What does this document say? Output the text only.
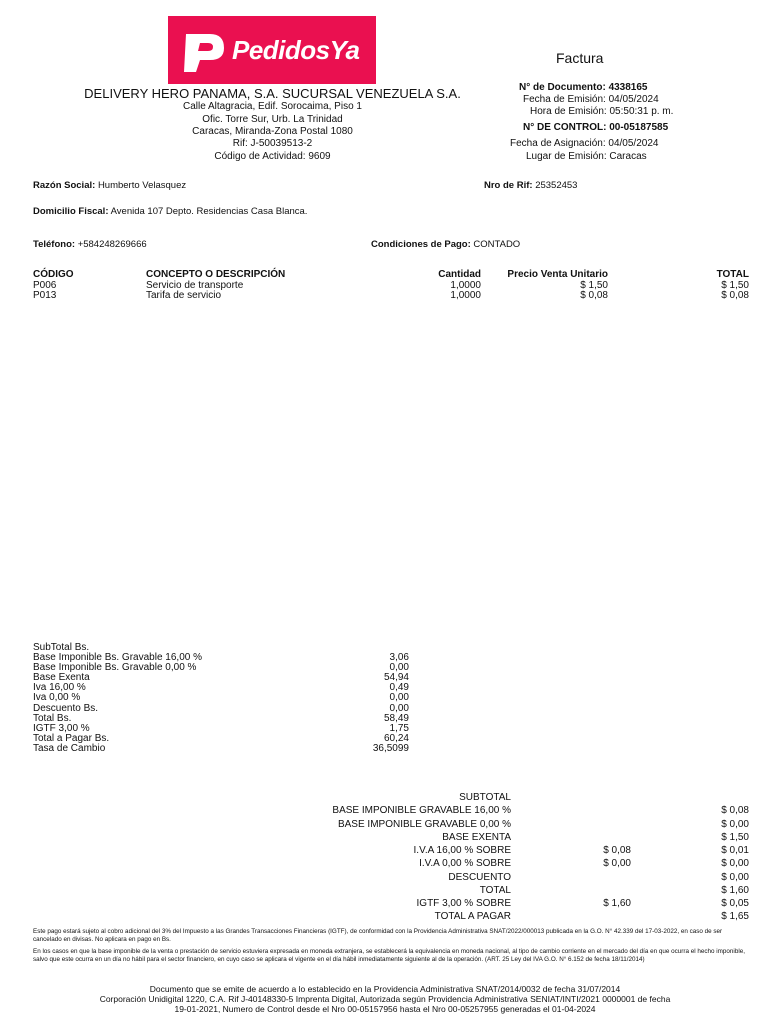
PedidosYa
DELIVERY HERO PANAMA, S.A. SUCURSAL VENEZUELA S.A.
Calle Altagracia, Edif. Sorocaima, Piso 1
Ofic. Torre Sur, Urb. La Trinidad
Caracas, Miranda-Zona Postal 1080
Rif: J-50039513-2
Código de Actividad: 9609
Factura
N° de Documento: 4338165
Fecha de Emisión: 04/05/2024
Hora de Emisión: 05:50:31 p. m.
N° DE CONTROL: 00-05187585
Fecha de Asignación: 04/05/2024
Lugar de Emisión: Caracas
Razón Social: Humberto Velasquez	Nro de Rif: 25352453
Domicilio Fiscal: Avenida 107 Depto. Residencias Casa Blanca.
Teléfono: +584248269666	Condiciones de Pago: CONTADO
CÓDIGO	CONCEPTO O DESCRIPCIÓN	Cantidad	Precio Venta Unitario	TOTAL
P006	Servicio de transporte	1,0000	$ 1,50	$ 1,50
P013	Tarifa de servicio	1,0000	$ 0,08	$ 0,08
SubTotal Bs.
Base Imponible Bs. Gravable 16,00 %	3,06
Base Imponible Bs. Gravable 0,00 %	0,00
Base Exenta	54,94
Iva 16,00 %	0,49
Iva 0,00 %	0,00
Descuento Bs.	0,00
Total Bs.	58,49
IGTF 3,00 %	1,75
Total a Pagar Bs.	60,24
Tasa de Cambio	36,5099
SUBTOTAL
BASE IMPONIBLE GRAVABLE 16,00 %	$ 0,08
BASE IMPONIBLE GRAVABLE 0,00 %	$ 0,00
BASE EXENTA	$ 1,50
I.V.A 16,00 % SOBRE	$ 0,08	$ 0,01
I.V.A 0,00 % SOBRE	$ 0,00	$ 0,00
DESCUENTO	$ 0,00
TOTAL	$ 1,60
IGTF 3,00 % SOBRE	$ 1,60	$ 0,05
TOTAL A PAGAR	$ 1,65
Este pago estará sujeto al cobro adicional del 3% del Impuesto a las Grandes Transacciones Financieras (IGTF), de conformidad con la Providencia Administrativa SNAT/2022/000013 publicada en la G.O. N° 42.339 del 17-03-2022, en caso de ser cancelado en divisas. No aplicara en pago en Bs.
En los casos en que la base imponible de la venta o prestación de servicio estuviera expresada en moneda extranjera, se establecerá la equivalencia en moneda nacional, al tipo de cambio corriente en el mercado del día en que ocurra el hecho imponible, salvo que este ocurra en un día no hábil para el sector financiero, en cuyo caso se aplicara el vigente en el día hábil inmediatamente siguiente al de la operación. (ART. 25 Ley del IVA G.O. N° 6.152 de fecha 18/11/2014)
Documento que se emite de acuerdo a lo establecido en la Providencia Administrativa SNAT/2014/0032 de fecha 31/07/2014
Corporación Unidigital 1220, C.A. Rif J-40148330-5 Imprenta Digital, Autorizada según Providencia Administrativa SENIAT/INTI/2021 0000001 de fecha
19-01-2021, Numero de Control desde el Nro 00-05157956 hasta el Nro 00-05257955 generadas el 01-04-2024
